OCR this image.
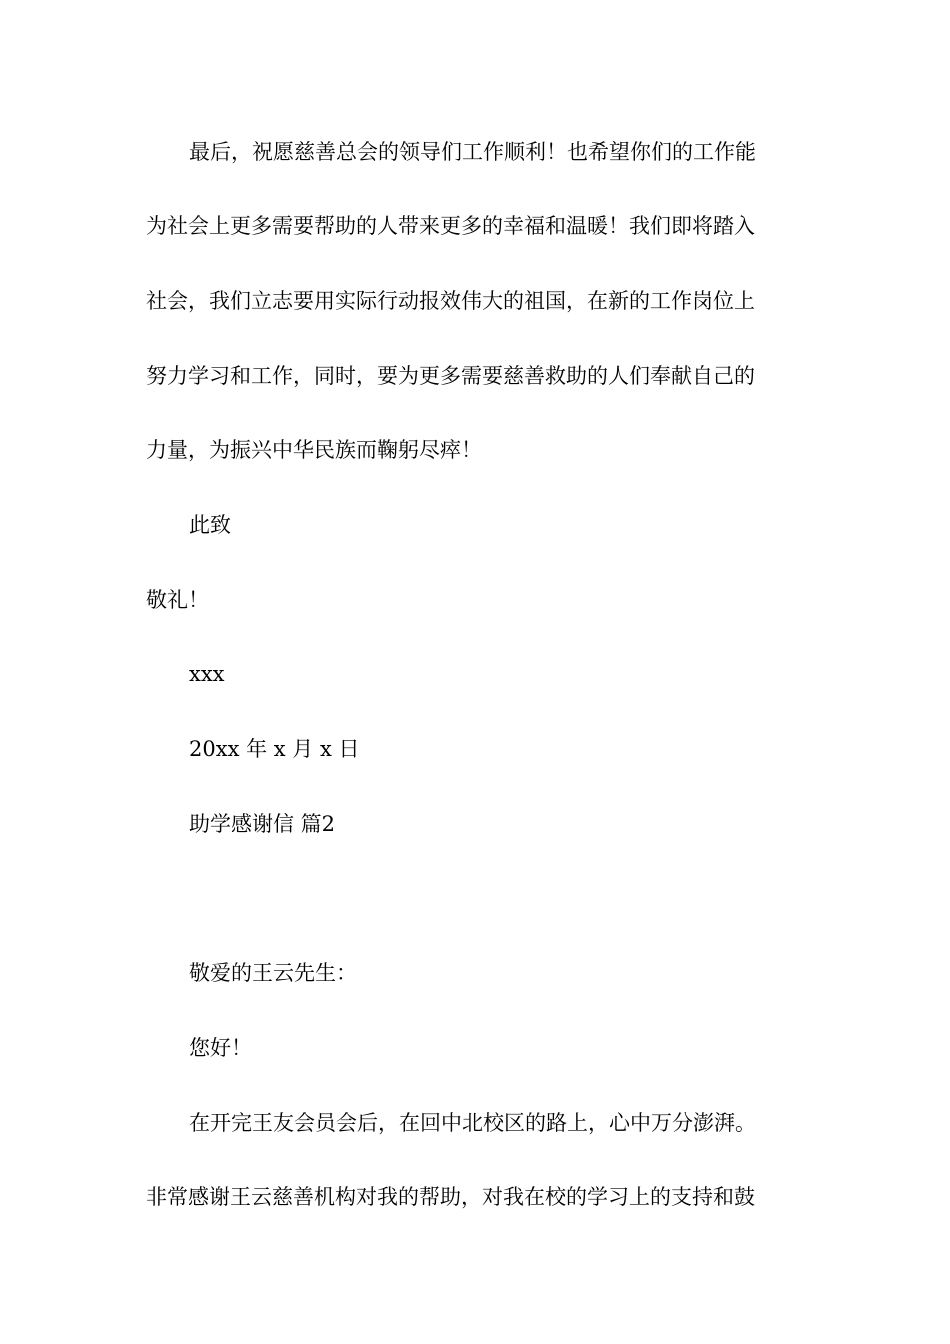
最后，祝愿慈善总会的领导们工作顺利！也希望你们的工作能
为社会上更多需要帮助的人带来更多的幸福和温暖！我们即将踏入
社会，我们立志要用实际行动报效伟大的祖国，在新的工作岗位上
努力学习和工作，同时，要为更多需要慈善救助的人们奉献自己的
力量，为振兴中华民族而鞠躬尽瘁！
此致
敬礼！
xxx
20xx 年 x 月 x 日
助学感谢信 篇2
敬爱的王云先生：
您好！
在开完王友会员会后，在回中北校区的路上，心中万分澎湃。
非常感谢王云慈善机构对我的帮助，对我在校的学习上的支持和鼓
